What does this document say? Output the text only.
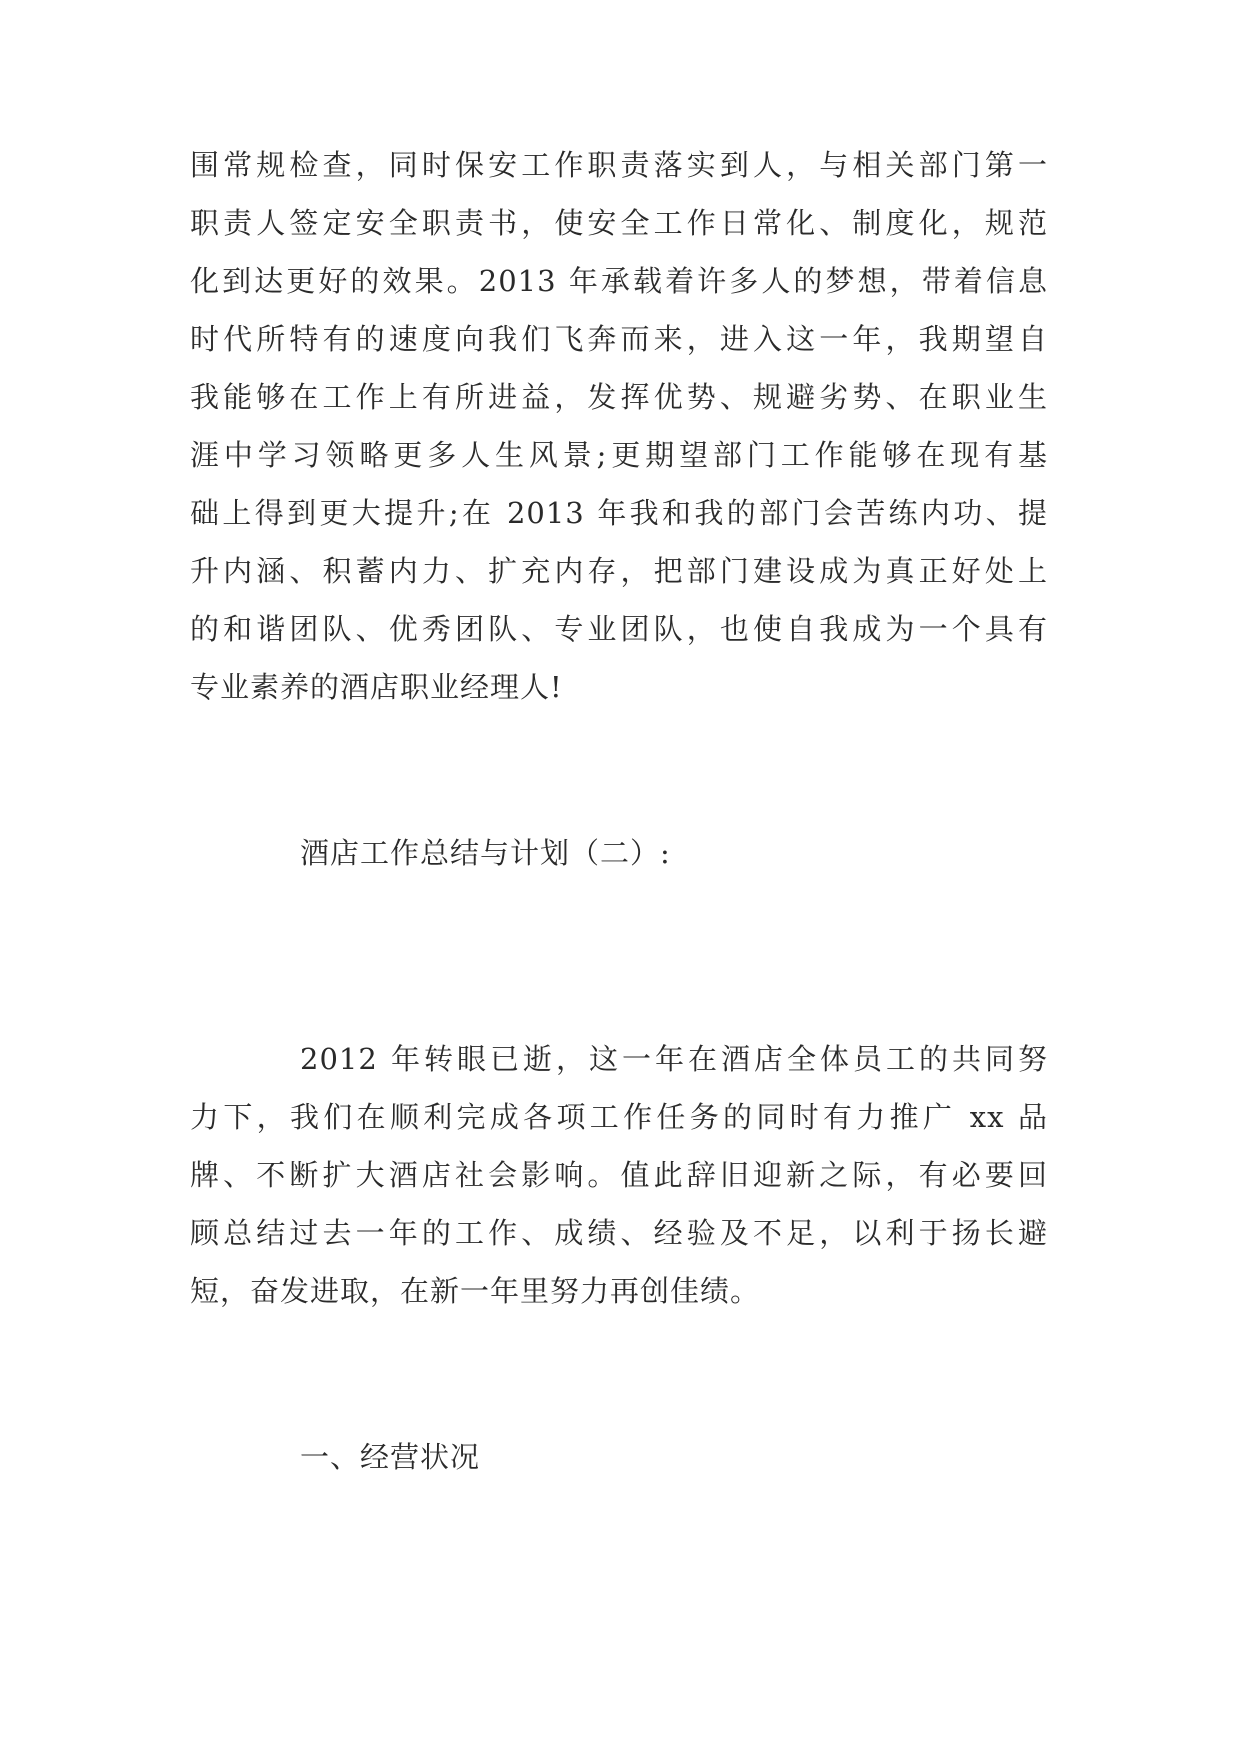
围常规检查，同时保安工作职责落实到人，与相关部门第一
职责人签定安全职责书，使安全工作日常化、制度化，规范
化到达更好的效果。2013 年承载着许多人的梦想，带着信息
时代所特有的速度向我们飞奔而来，进入这一年，我期望自
我能够在工作上有所进益，发挥优势、规避劣势、在职业生
涯中学习领略更多人生风景;更期望部门工作能够在现有基
础上得到更大提升;在 2013 年我和我的部门会苦练内功、提
升内涵、积蓄内力、扩充内存，把部门建设成为真正好处上
的和谐团队、优秀团队、专业团队，也使自我成为一个具有
专业素养的酒店职业经理人!
酒店工作总结与计划（二）:
2012 年转眼已逝，这一年在酒店全体员工的共同努
力下，我们在顺利完成各项工作任务的同时有力推广 xx 品
牌、不断扩大酒店社会影响。值此辞旧迎新之际，有必要回
顾总结过去一年的工作、成绩、经验及不足，以利于扬长避
短，奋发进取，在新一年里努力再创佳绩。
一、经营状况
